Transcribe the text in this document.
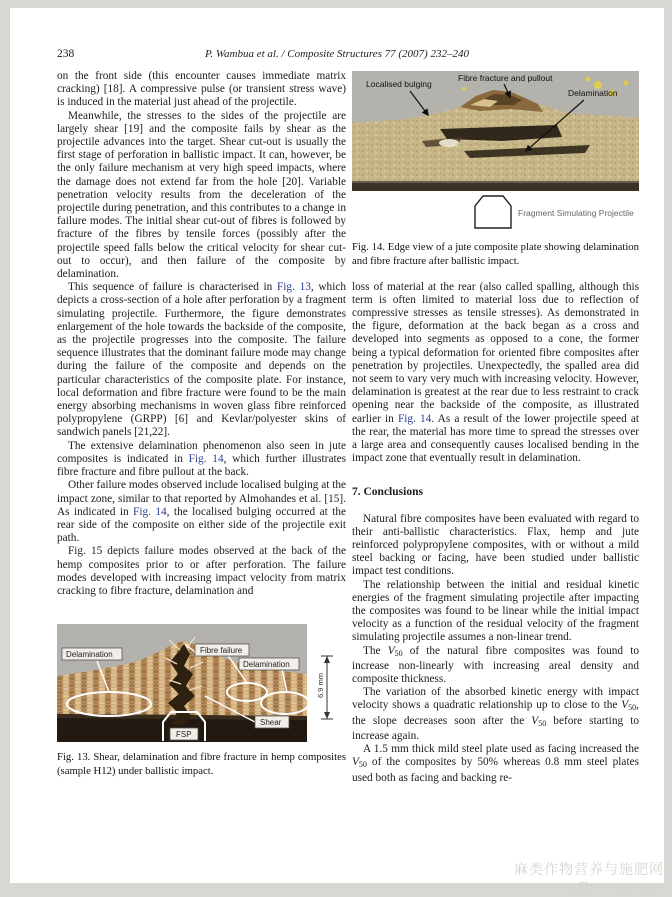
238	P. Wambua et al. / Composite Structures 77 (2007) 232–240

on the front side (this encounter causes immediate matrix cracking) [18]. A compressive pulse (or transient stress wave) is induced in the material just ahead of the projectile.

Meanwhile, the stresses to the sides of the projectile are largely shear [19] and the composite fails by shear as the projectile advances into the target. Shear cut-out is usually the first stage of perforation in ballistic impact. It can, however, be the only failure mechanism at very high speed impacts, where the damage does not extend far from the hole [20]. Variable penetration velocity results from the deceleration of the projectile during penetration, and this contributes to a change in failure modes. The initial shear cut-out of fibres is followed by fracture of the fibres by tensile forces (possibly after the projectile speed falls below the critical velocity for shear cut-out to occur), and then failure of the composite by delamination.

This sequence of failure is characterised in Fig. 13, which depicts a cross-section of a hole after perforation by a fragment simulating projectile. Furthermore, the figure demonstrates enlargement of the hole towards the backside of the composite, as the projectile progresses into the composite. The failure sequence illustrates that the dominant failure mode may change during the failure of the composite and depends on the particular characteristics of the composite plate. For instance, local deformation and fibre fracture were found to be the main energy absorbing mechanisms in woven glass fibre reinforced polypropylene (GRPP) [6] and Kevlar/polyester skins of sandwich panels [21,22].

The extensive delamination phenomenon also seen in jute composites is indicated in Fig. 14, which further illustrates fibre fracture and fibre pullout at the back.

Other failure modes observed include localised bulging at the impact zone, similar to that reported by Almohandes et al. [15]. As indicated in Fig. 14, the localised bulging occurred at the rear side of the composite on either side of the projectile exit path.

Fig. 15 depicts failure modes observed at the back of the hemp composites prior to or after perforation. The failure modes developed with increasing impact velocity from matrix cracking to fibre fracture, delamination and

Delamination	Fibre failure
Delamination
Shear
FSP
6.9 mm
Fig. 13. Shear, delamination and fibre fracture in hemp composites (sample H12) under ballistic impact.
Localised bulging
Fibre fracture and pullout
Delamination
Fragment Simulating Projectile
Fig. 14. Edge view of a jute composite plate showing delamination and fibre fracture after ballistic impact.

loss of material at the rear (also called spalling, although this term is often limited to material loss due to reflection of compressive stresses as tensile stresses). As demonstrated in the figure, deformation at the back began as a cross and developed into segments as opposed to a cone, the former being a typical deformation for oriented fibre composites after penetration by projectiles. Unexpectedly, the spalled area did not seem to vary very much with increasing velocity. However, delamination is greatest at the rear due to less restraint to crack opening near the backside of the composite, as illustrated earlier in Fig. 14. As a result of the lower projectile speed at the rear, the material has more time to spread the stresses over a large area and consequently causes localised bending in the impact zone that eventually result in delamination.

7. Conclusions

Natural fibre composites have been evaluated with regard to their anti-ballistic characteristics. Flax, hemp and jute reinforced polypropylene composites, with or without a mild steel backing or facing, have been studied under ballistic impact test conditions.

The relationship between the initial and residual kinetic energies of the fragment simulating projectile after impacting the composites was found to be linear while the initial impact velocity as a function of the residual velocity of the fragment simulating projectile assumes a non-linear trend.

The $V_{50}$ of the natural fibre composites was found to increase non-linearly with increasing areal density and composite thickness.

The variation of the absorbed kinetic energy with impact velocity shows a quadratic relationship up to close to the $V_{50}$, the slope decreases soon after the $V_{50}$ before starting to increase again.

A 1.5 mm thick mild steel plate used as facing increased the $V_{50}$ of the composites by 50% whereas 0.8 mm steel plates used both as facing and backing re-

麻类作物营养与施肥网
www.fibercrops.com
